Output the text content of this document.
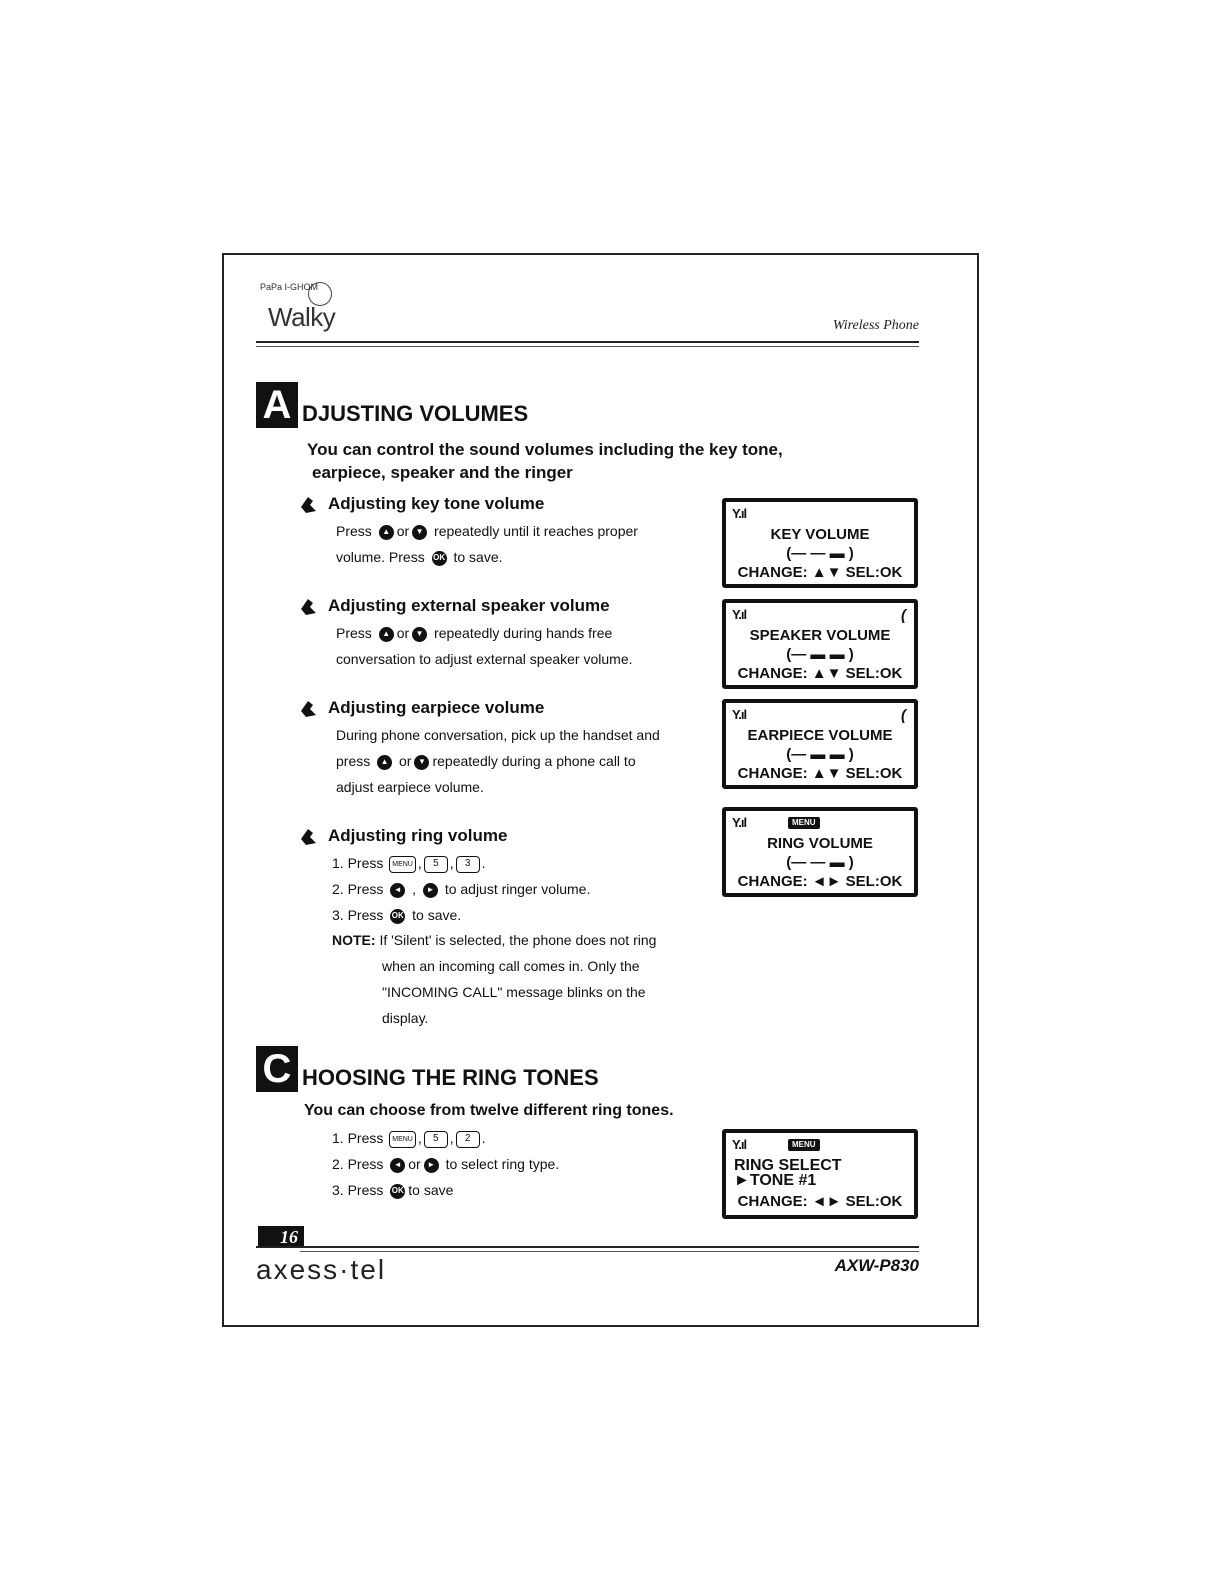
PaPa I-GHOM
Walky	Wireless Phone
A DJUSTING VOLUMES
You can control the sound volumes including the key tone,
earpiece, speaker and the ringer
Adjusting key tone volume
Press ▲ or ▼ repeatedly until it reaches proper
volume. Press OK to save.
Y.ıl
KEY VOLUME
(— — ▬ )
CHANGE: ▲▼ SEL:OK
Adjusting external speaker volume
Press ▲ or ▼ repeatedly during hands free
conversation to adjust external speaker volume.
Y.ıl	(
SPEAKER VOLUME
(— ▬ ▬ )
CHANGE: ▲▼ SEL:OK
Adjusting earpiece volume
During phone conversation, pick up the handset and
press ▲ or ▼ repeatedly during a phone call to
adjust earpiece volume.
Y.ıl	(
EARPIECE VOLUME
(— ▬ ▬ )
CHANGE: ▲▼ SEL:OK
Adjusting ring volume
1. Press MENU , 5 , 3 .
2. Press ◄ , ► to adjust ringer volume.
3. Press OK to save.
NOTE: If 'Silent' is selected, the phone does not ring
when an incoming call comes in. Only the
"INCOMING CALL" message blinks on the
display.
Y.ıl	MENU
RING VOLUME
(— — ▬ )
CHANGE: ◄► SEL:OK
C HOOSING THE RING TONES
You can choose from twelve different ring tones.
1. Press MENU , 5 , 2 .
2. Press ◄ or ► to select ring type.
3. Press OK to save
Y.ıl	MENU
RING SELECT
►TONE #1
CHANGE: ◄► SEL:OK
16
axess·tel	AXW-P830
